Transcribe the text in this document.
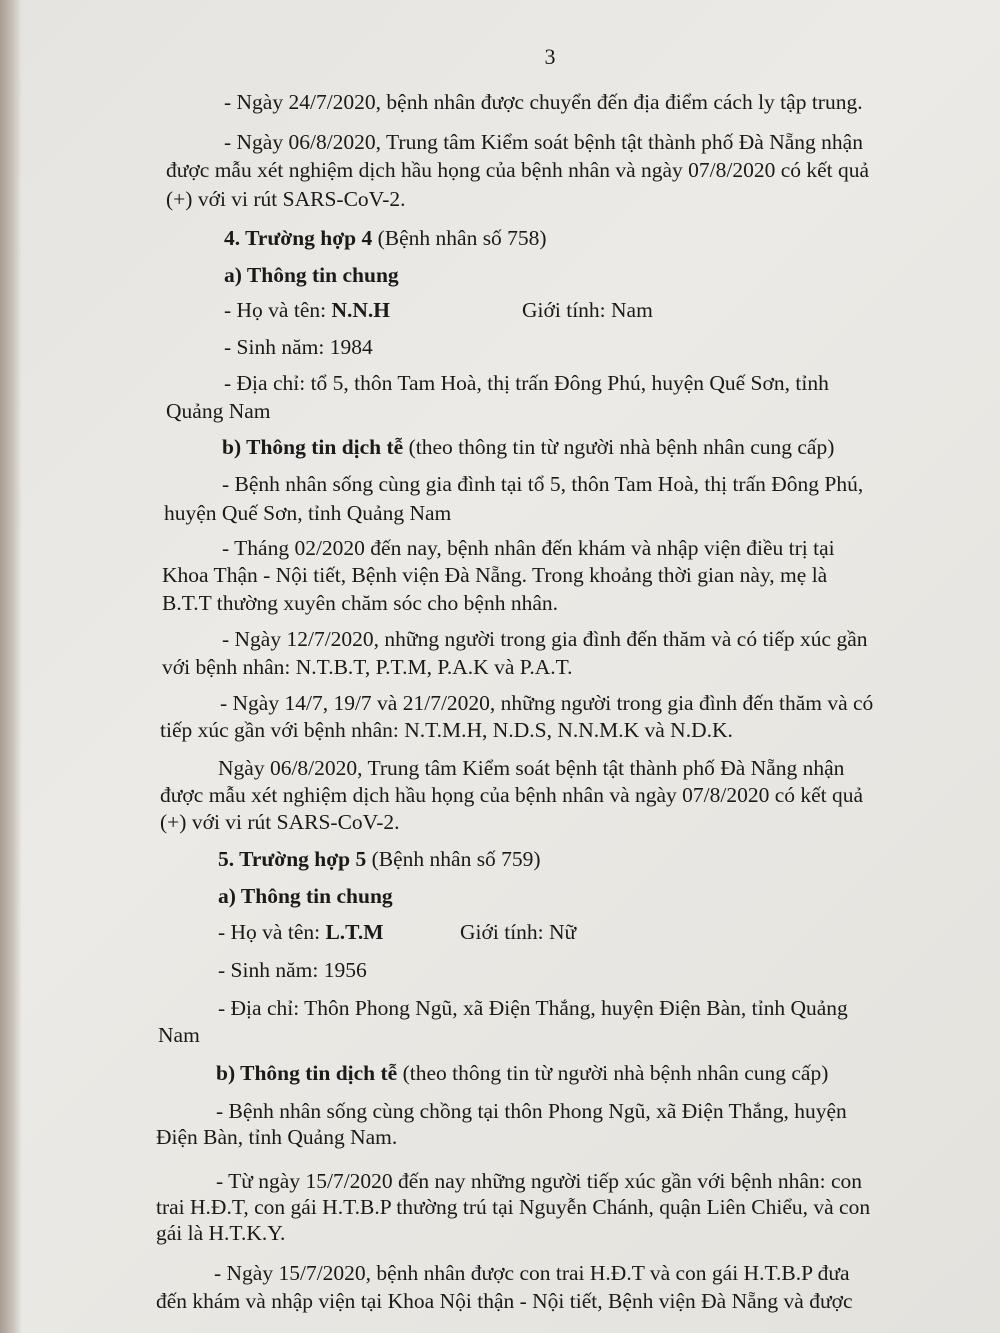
3

- Ngày 24/7/2020, bệnh nhân được chuyển đến địa điểm cách ly tập trung.

- Ngày 06/8/2020, Trung tâm Kiểm soát bệnh tật thành phố Đà Nẵng nhận

được mẫu xét nghiệm dịch hầu họng của bệnh nhân và ngày 07/8/2020 có kết quả

(+) với vi rút SARS-CoV-2.

4. Trường hợp 4 (Bệnh nhân số 758)

a) Thông tin chung

- Họ và tên: N.N.H	Giới tính: Nam

- Sinh năm: 1984

- Địa chỉ: tổ 5, thôn Tam Hoà, thị trấn Đông Phú, huyện Quế Sơn, tỉnh

Quảng Nam

b) Thông tin dịch tễ (theo thông tin từ người nhà bệnh nhân cung cấp)

- Bệnh nhân sống cùng gia đình tại tổ 5, thôn Tam Hoà, thị trấn Đông Phú,

huyện Quế Sơn, tỉnh Quảng Nam

- Tháng 02/2020 đến nay, bệnh nhân đến khám và nhập viện điều trị tại

Khoa Thận - Nội tiết, Bệnh viện Đà Nẵng. Trong khoảng thời gian này, mẹ là

B.T.T thường xuyên chăm sóc cho bệnh nhân.

- Ngày 12/7/2020, những người trong gia đình đến thăm và có tiếp xúc gần

với bệnh nhân: N.T.B.T, P.T.M, P.A.K và P.A.T.

- Ngày 14/7, 19/7 và 21/7/2020, những người trong gia đình đến thăm và có

tiếp xúc gần với bệnh nhân: N.T.M.H, N.D.S, N.N.M.K và N.D.K.

Ngày 06/8/2020, Trung tâm Kiểm soát bệnh tật thành phố Đà Nẵng nhận

được mẫu xét nghiệm dịch hầu họng của bệnh nhân và ngày 07/8/2020 có kết quả

(+) với vi rút SARS-CoV-2.

5. Trường hợp 5 (Bệnh nhân số 759)

a) Thông tin chung

- Họ và tên: L.T.M	Giới tính: Nữ

- Sinh năm: 1956

- Địa chỉ: Thôn Phong Ngũ, xã Điện Thắng, huyện Điện Bàn, tỉnh Quảng

Nam

b) Thông tin dịch tễ (theo thông tin từ người nhà bệnh nhân cung cấp)

- Bệnh nhân sống cùng chồng tại thôn Phong Ngũ, xã Điện Thắng, huyện

Điện Bàn, tỉnh Quảng Nam.

- Từ ngày 15/7/2020 đến nay những người tiếp xúc gần với bệnh nhân: con

trai H.Đ.T, con gái H.T.B.P thường trú tại Nguyễn Chánh, quận Liên Chiểu, và con

gái là H.T.K.Y.

- Ngày 15/7/2020, bệnh nhân được con trai H.Đ.T và con gái H.T.B.P đưa

đến khám và nhập viện tại Khoa Nội thận - Nội tiết, Bệnh viện Đà Nẵng và được
